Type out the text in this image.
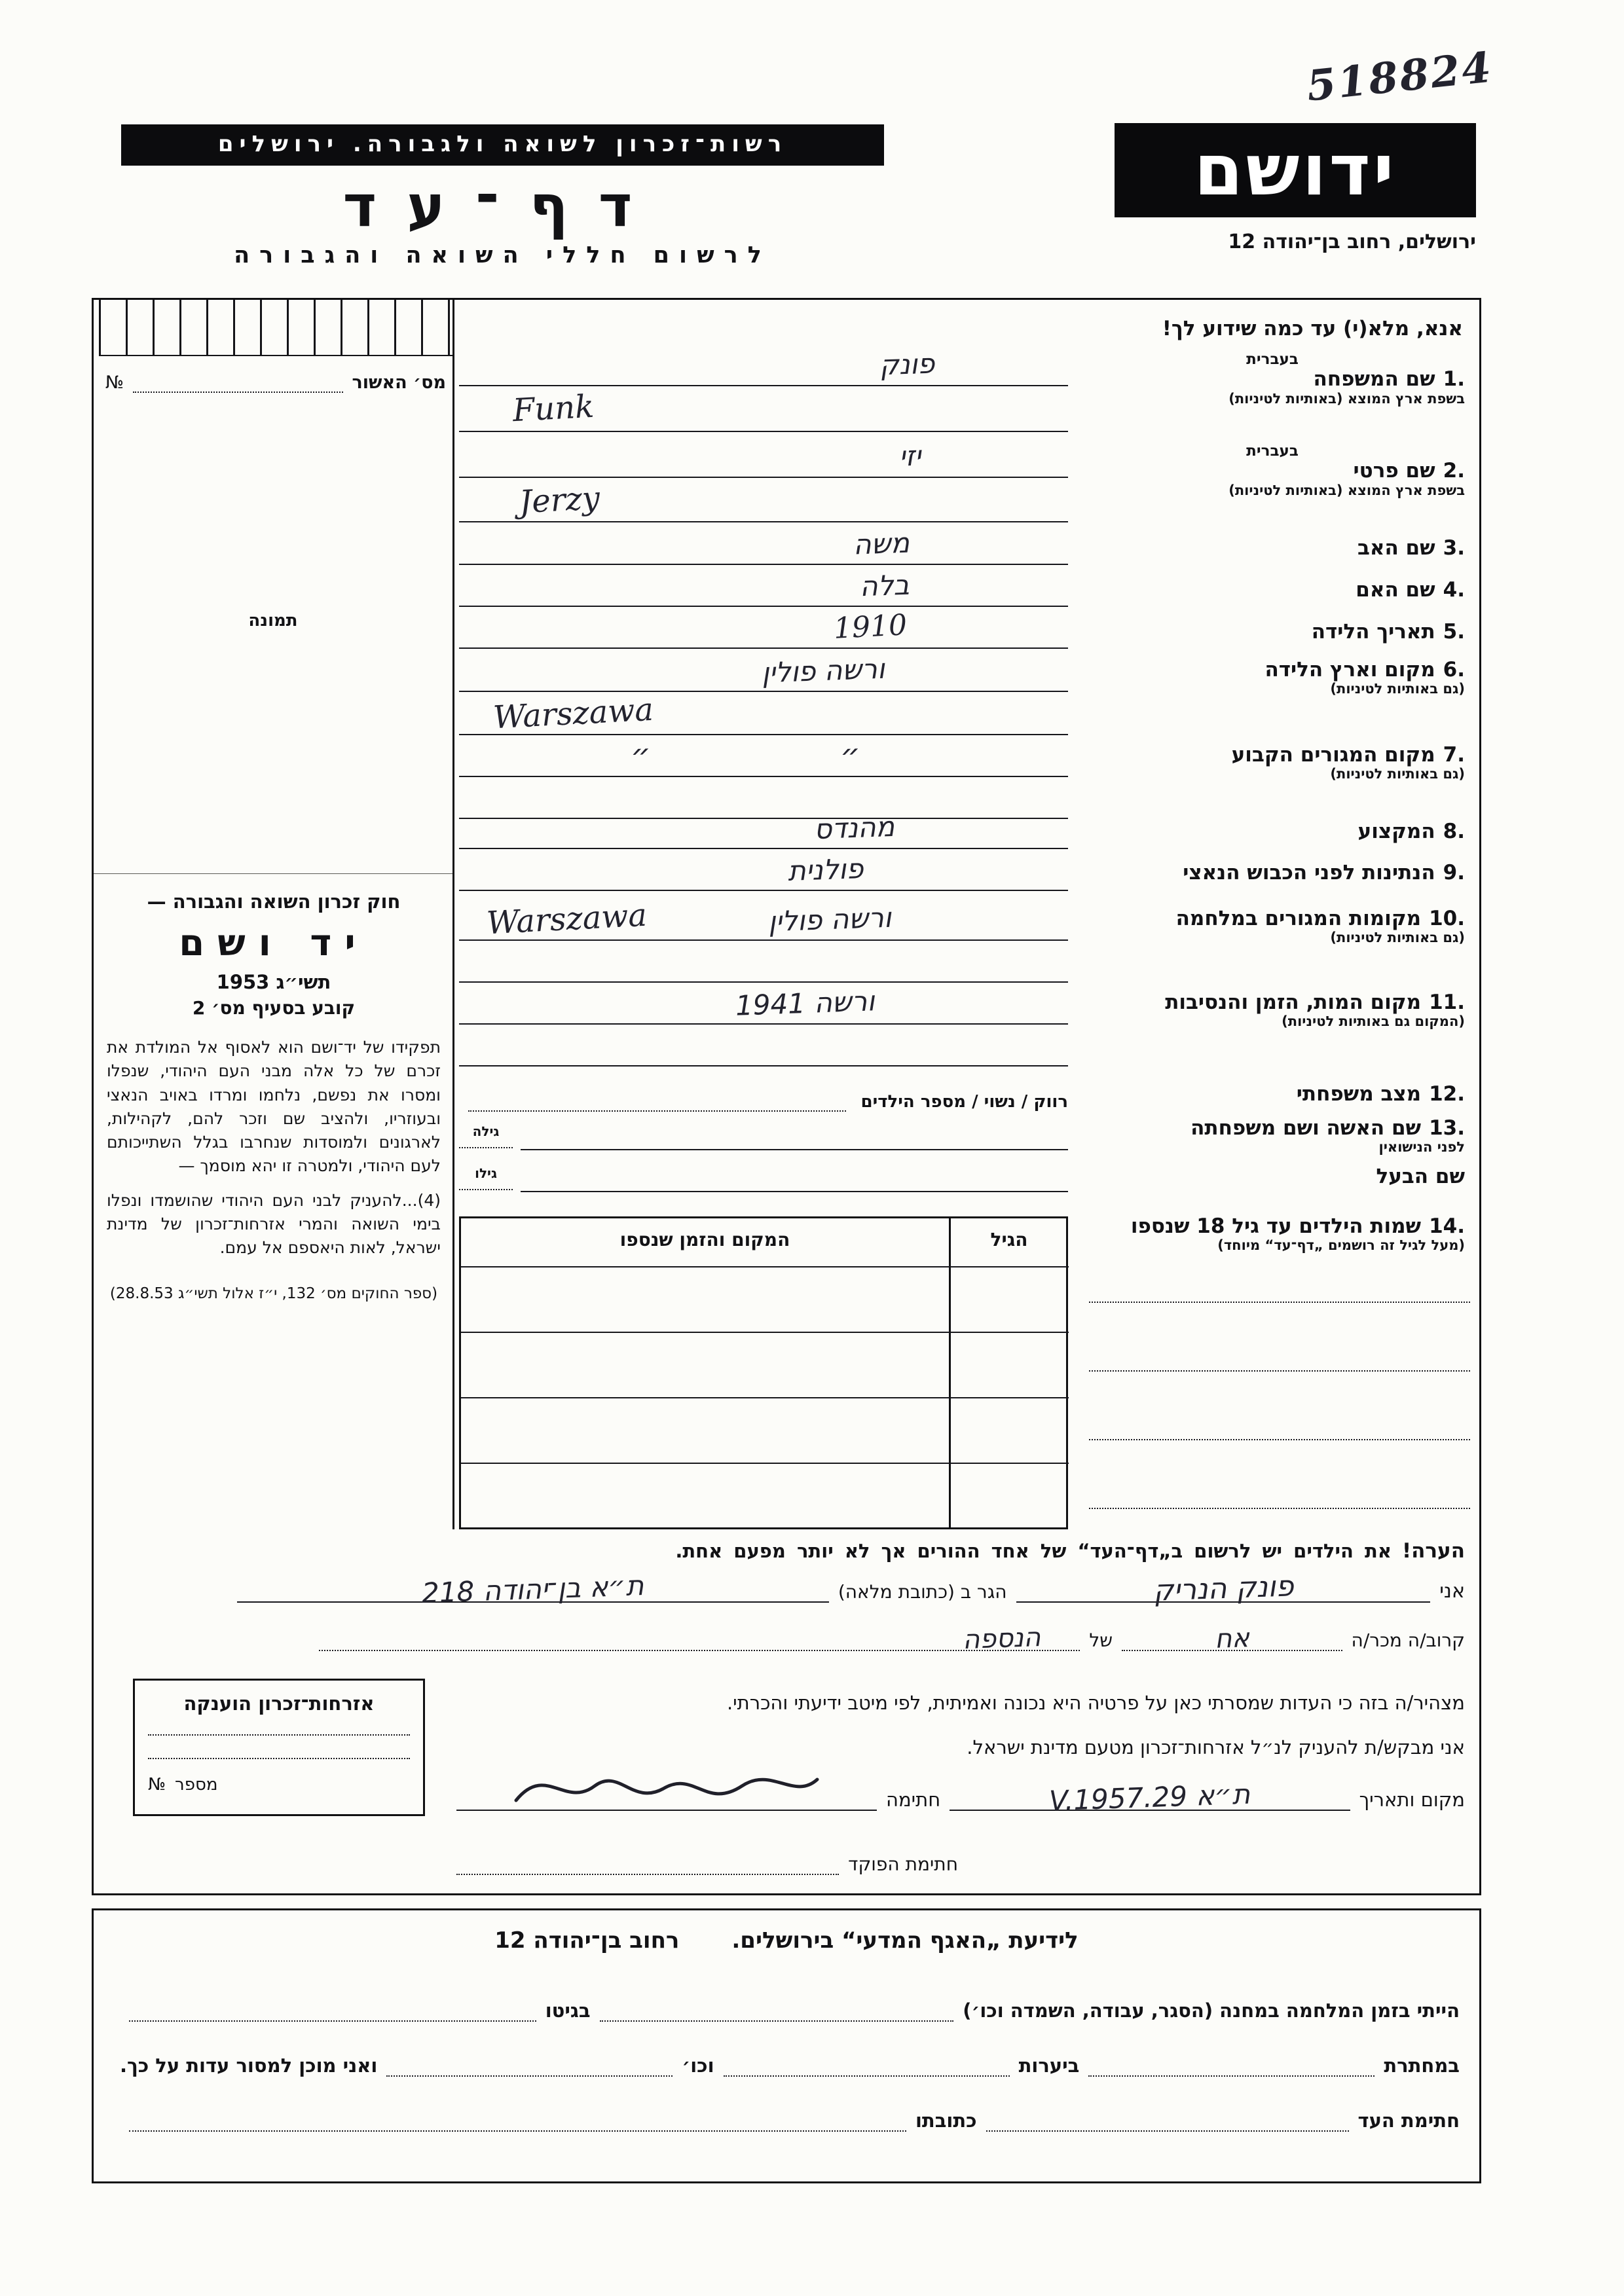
518824
רשות־זכרון לשואה ולגבורה. ירושלים
דף־עד
לרשום חללי השואה והגבורה
ידושם
ירושלים, רחוב בן־יהודה 12
אנא, מלא(י) עד כמה שידוע לך!
מס׳ האשור
№
תמונה
חוק זכרון השואה והגבורה —
יד ושם
תשי״ג 1953
קובע בסעיף מס׳ 2
תפקידו של יד־ושם הוא לאסוף אל המולדת את זכרם של כל אלה מבני העם היהודי, שנפלו ומסרו את נפשם, נלחמו ומרדו באויב הנאצי ובעוזריו, ולהציב שם וזכר להם, לקהילות, לארגונים ולמוסדות שנחרבו בגלל השתייכותם לעם היהודי, ולמטרה זו יהא מוסמך —
(4)...להעניק לבני העם היהודי שהושמדו ונפלו בימי השואה והמרי אזרחות־זכרון של מדינת ישראל, לאות היאספם אל עמם.
(ספר החוקים מס׳ 132, י״ז אלול תשי״ג 28.8.53)
בעברית
1.שם המשפחה
בשפת ארץ המוצא (באותיות לטיניות)
בעברית
2.שם פרטי
בשפת ארץ המוצא (באותיות לטיניות)
3.שם האב
4.שם האם
5.תאריך הלידה
6.מקום וארץ הלידה
(גם באותיות לטיניות)
7.מקום המגורים הקבוע
(גם באותיות לטיניות)
8.המקצוע
9.הנתינות לפני הכבוש הנאצי
10.מקומות המגורים במלחמה
(גם באותיות לטיניות)
11.מקום המות, הזמן והנסיבות
(המקום גם באותיות לטיניות)
12.מצב משפחתי
13.שם האשה ושם משפחתה
לפני הנישואין
שם הבעל
14.שמות הילדים עד גיל 18 שנספו
(מעל לגיל זה רושמים „דף־עד“ מיוחד)
רווק / נשוי / מספר הילדים
גילה
גילו
הגיל
המקום והזמן שנספו
פונק
Funk
יזי
Jerzy
משה
בלה
1910
ורשה פולין
Warszawa
״	״
מהנדס
פולנית
Warszawa	ורשה פולין
ורשה 1941
הערה!את הילדים יש לרשום ב„דף־העד“ של אחד ההורים אך לא יותר מפעם אחת.
אני
פונק הנריק
הגר ב (כתובת מלאה)
ת״א בן־יהודה 218
קרוב/ה מכר/ה
אח
של
הנספה
מצהיר/ה בזה כי העדות שמסרתי כאן על פרטיה היא נכונה ואמיתית, לפי מיטב ידיעתי והכרתי.
אני מבקש/ת להעניק לנ״ל אזרחות־זכרון מטעם מדינת ישראל.
מקום ותאריך
ת״א 29.V.1957
חתימה
חתימת הפוקד
אזרחות־זכרון הוענקה
מספר
№
לידיעת „האגף המדעי“ בירושלים.רחוב בן־יהודה 12
הייתי בזמן המלחמה במחנה (הסגר, עבודה, השמדה וכו׳)
בגיטו
במחתרת
ביערות
וכו׳
ואני מוכן למסור עדות על כך.
חתימת העד
כתובתו
